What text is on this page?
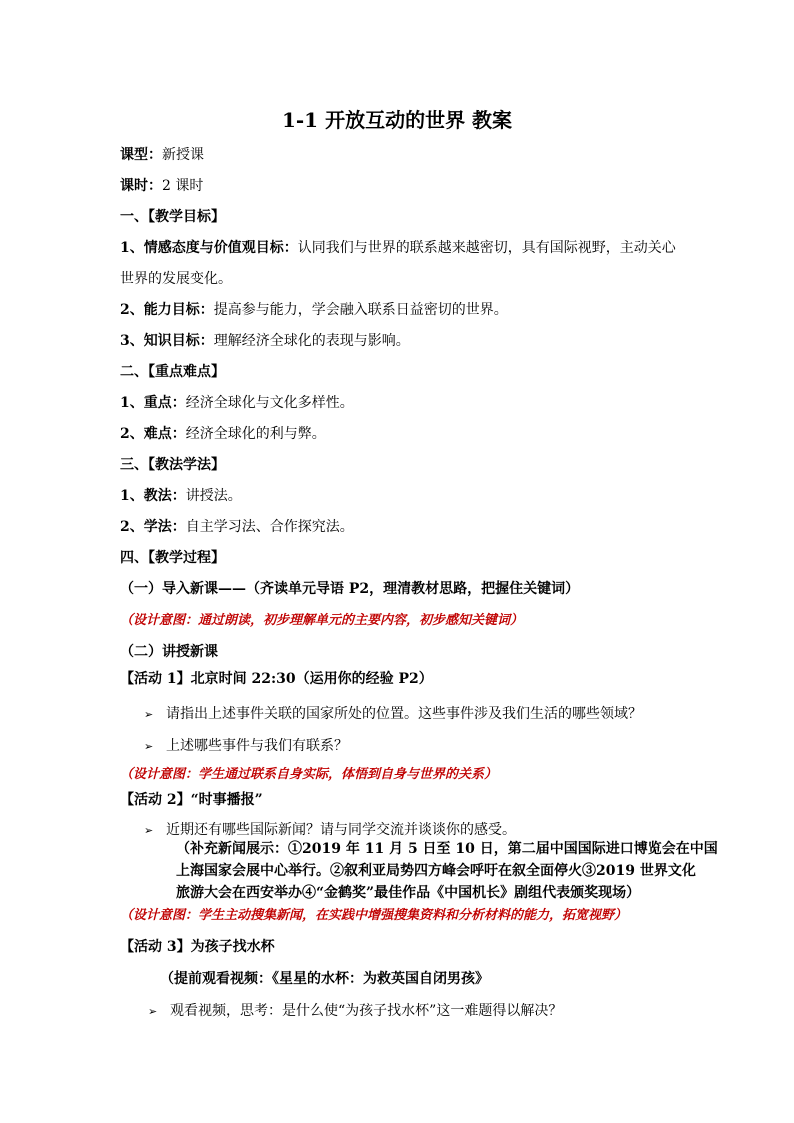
1-1 开放互动的世界 教案
课型：新授课
课时：2 课时
一、【教学目标】
1、情感态度与价值观目标：认同我们与世界的联系越来越密切，具有国际视野，主动关心
世界的发展变化。
2、能力目标：提高参与能力，学会融入联系日益密切的世界。
3、知识目标：理解经济全球化的表现与影响。
二、【重点难点】
1、重点：经济全球化与文化多样性。
2、难点：经济全球化的利与弊。
三、【教法学法】
1、教法：讲授法。
2、学法：自主学习法、合作探究法。
四、【教学过程】
（一）导入新课——（齐读单元导语 P2，理清教材思路，把握住关键词）
（设计意图：通过朗读，初步理解单元的主要内容，初步感知关键词）
（二）讲授新课
【活动 1】北京时间 22:30（运用你的经验 P2）
➢ 请指出上述事件关联的国家所处的位置。这些事件涉及我们生活的哪些领域？
➢ 上述哪些事件与我们有联系？
（设计意图：学生通过联系自身实际，体悟到自身与世界的关系）
【活动 2】“时事播报”
➢ 近期还有哪些国际新闻？请与同学交流并谈谈你的感受。
（补充新闻展示：①2019 年 11 月 5 日至 10 日，第二届中国国际进口博览会在中国
上海国家会展中心举行。②叙利亚局势四方峰会呼吁在叙全面停火③2019 世界文化
旅游大会在西安举办④“金鹤奖”最佳作品《中国机长》剧组代表颁奖现场）
（设计意图：学生主动搜集新闻，在实践中增强搜集资料和分析材料的能力，拓宽视野）
【活动 3】为孩子找水杯
（提前观看视频：《星星的水杯：为救英国自闭男孩》
➢ 观看视频，思考：是什么使“为孩子找水杯”这一难题得以解决？
